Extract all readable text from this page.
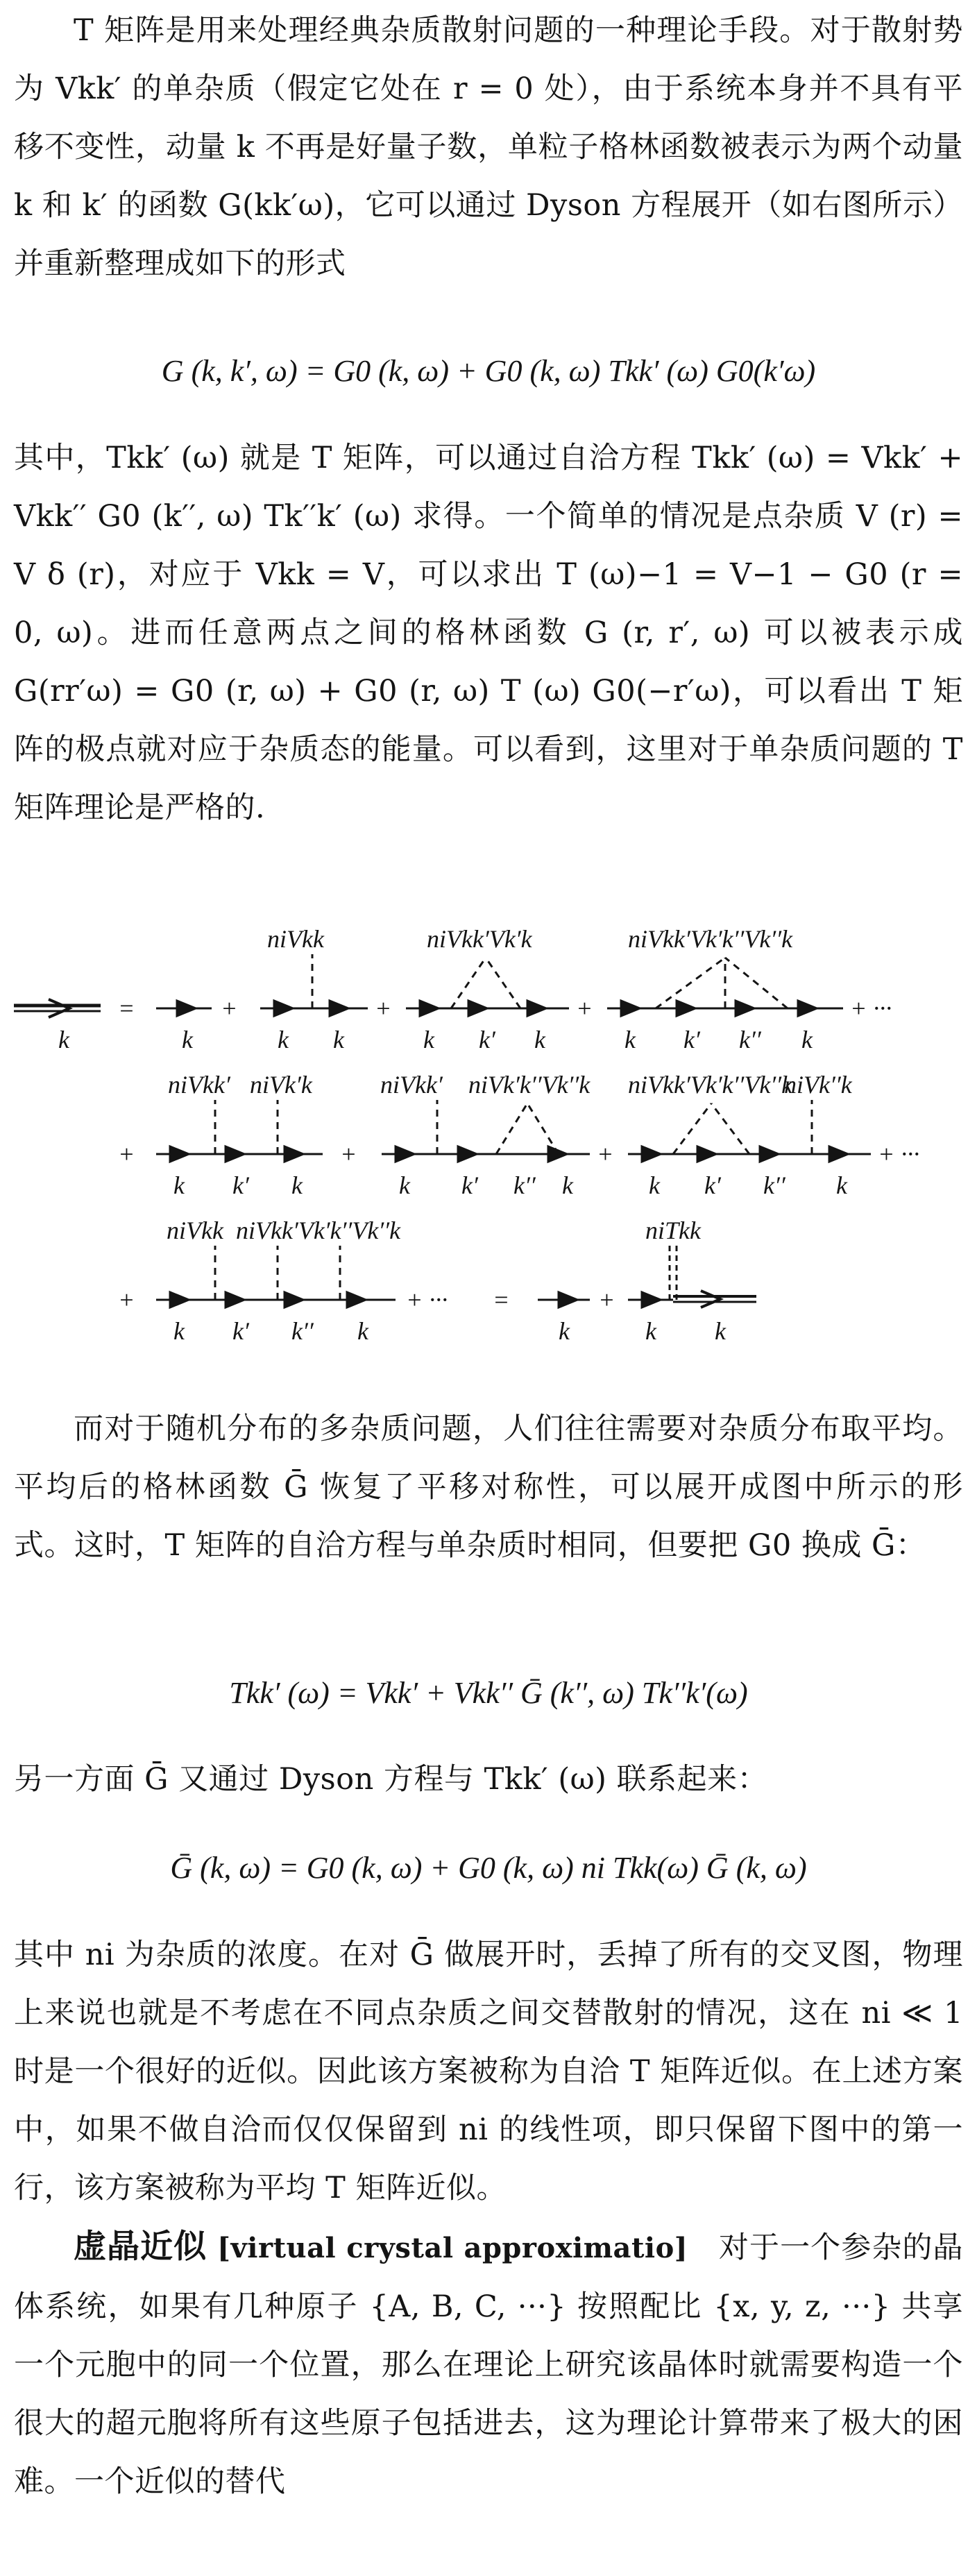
T 矩阵是用来处理经典杂质散射问题的一种理论手段。对于散射势为 Vkk′ 的单杂质（假定它处在 r = 0 处），由于系统本身并不具有平移不变性，动量 k 不再是好量子数，单粒子格林函数被表示为两个动量 k 和 k′ 的函数 G(kk′ω)，它可以通过 Dyson 方程展开（如右图所示）并重新整理成如下的形式

G (k, k′, ω) = G0 (k, ω) + G0 (k, ω) Tkk′ (ω) G0(k′ω)

其中，Tkk′ (ω) 就是 T 矩阵，可以通过自洽方程 Tkk′ (ω) = Vkk′ + Vkk′′ G0 (k′′, ω) Tk′′k′ (ω) 求得。一个简单的情况是点杂质 V (r) = V δ (r)，对应于 Vkk = V，可以求出 T (ω)−1 = V−1 − G0 (r = 0, ω)。进而任意两点之间的格林函数 G (r, r′, ω) 可以被表示成 G(rr′ω) = G0 (r, ω) + G0 (r, ω) T (ω) G0(−r′ω)，可以看出 T 矩阵的极点就对应于杂质态的能量。可以看到，这里对于单杂质问题的 T 矩阵理论是严格的.

k
=
k
+
k k
niVkk
+
k k′ k
niVkk′Vk′k
+
k k′ k′′ k
niVkk′Vk′k′′Vk′′k
+ ···
+
k k′ k
niVkk′ niVk′k
+
k k′ k′′ k
niVkk′ niVk′k′′Vk′′k
+
k k′ k′′ k
niVkk′Vk′k′′Vk′′k
niVk′′k
+ ···
+
k k′ k′′ k
niVkk niVkk′Vk′k′′Vk′′k
+ ··· =
k
+
k k
niTkk

而对于随机分布的多杂质问题，人们往往需要对杂质分布取平均。平均后的格林函数 Ḡ 恢复了平移对称性，可以展开成图中所示的形式。这时，T 矩阵的自洽方程与单杂质时相同，但要把 G0 换成 Ḡ：

Tkk′ (ω) = Vkk′ + Vkk′′ Ḡ (k′′, ω) Tk′′k′(ω)

另一方面 Ḡ 又通过 Dyson 方程与 Tkk′ (ω) 联系起来：

Ḡ (k, ω) = G0 (k, ω) + G0 (k, ω) ni Tkk(ω) Ḡ (k, ω)

其中 ni 为杂质的浓度。在对 Ḡ 做展开时，丢掉了所有的交叉图，物理上来说也就是不考虑在不同点杂质之间交替散射的情况，这在 ni ≪ 1 时是一个很好的近似。因此该方案被称为自洽 T 矩阵近似。在上述方案中，如果不做自洽而仅仅保留到 ni 的线性项，即只保留下图中的第一行，该方案被称为平均 T 矩阵近似。

虚晶近似 [virtual crystal approximatio]　 对于一个参杂的晶体系统，如果有几种原子 {A, B, C, ···} 按照配比 {x, y, z, ···} 共享一个元胞中的同一个位置，那么在理论上研究该晶体时就需要构造一个很大的超元胞将所有这些原子包括进去，这为理论计算带来了极大的困难。一个近似的替代
